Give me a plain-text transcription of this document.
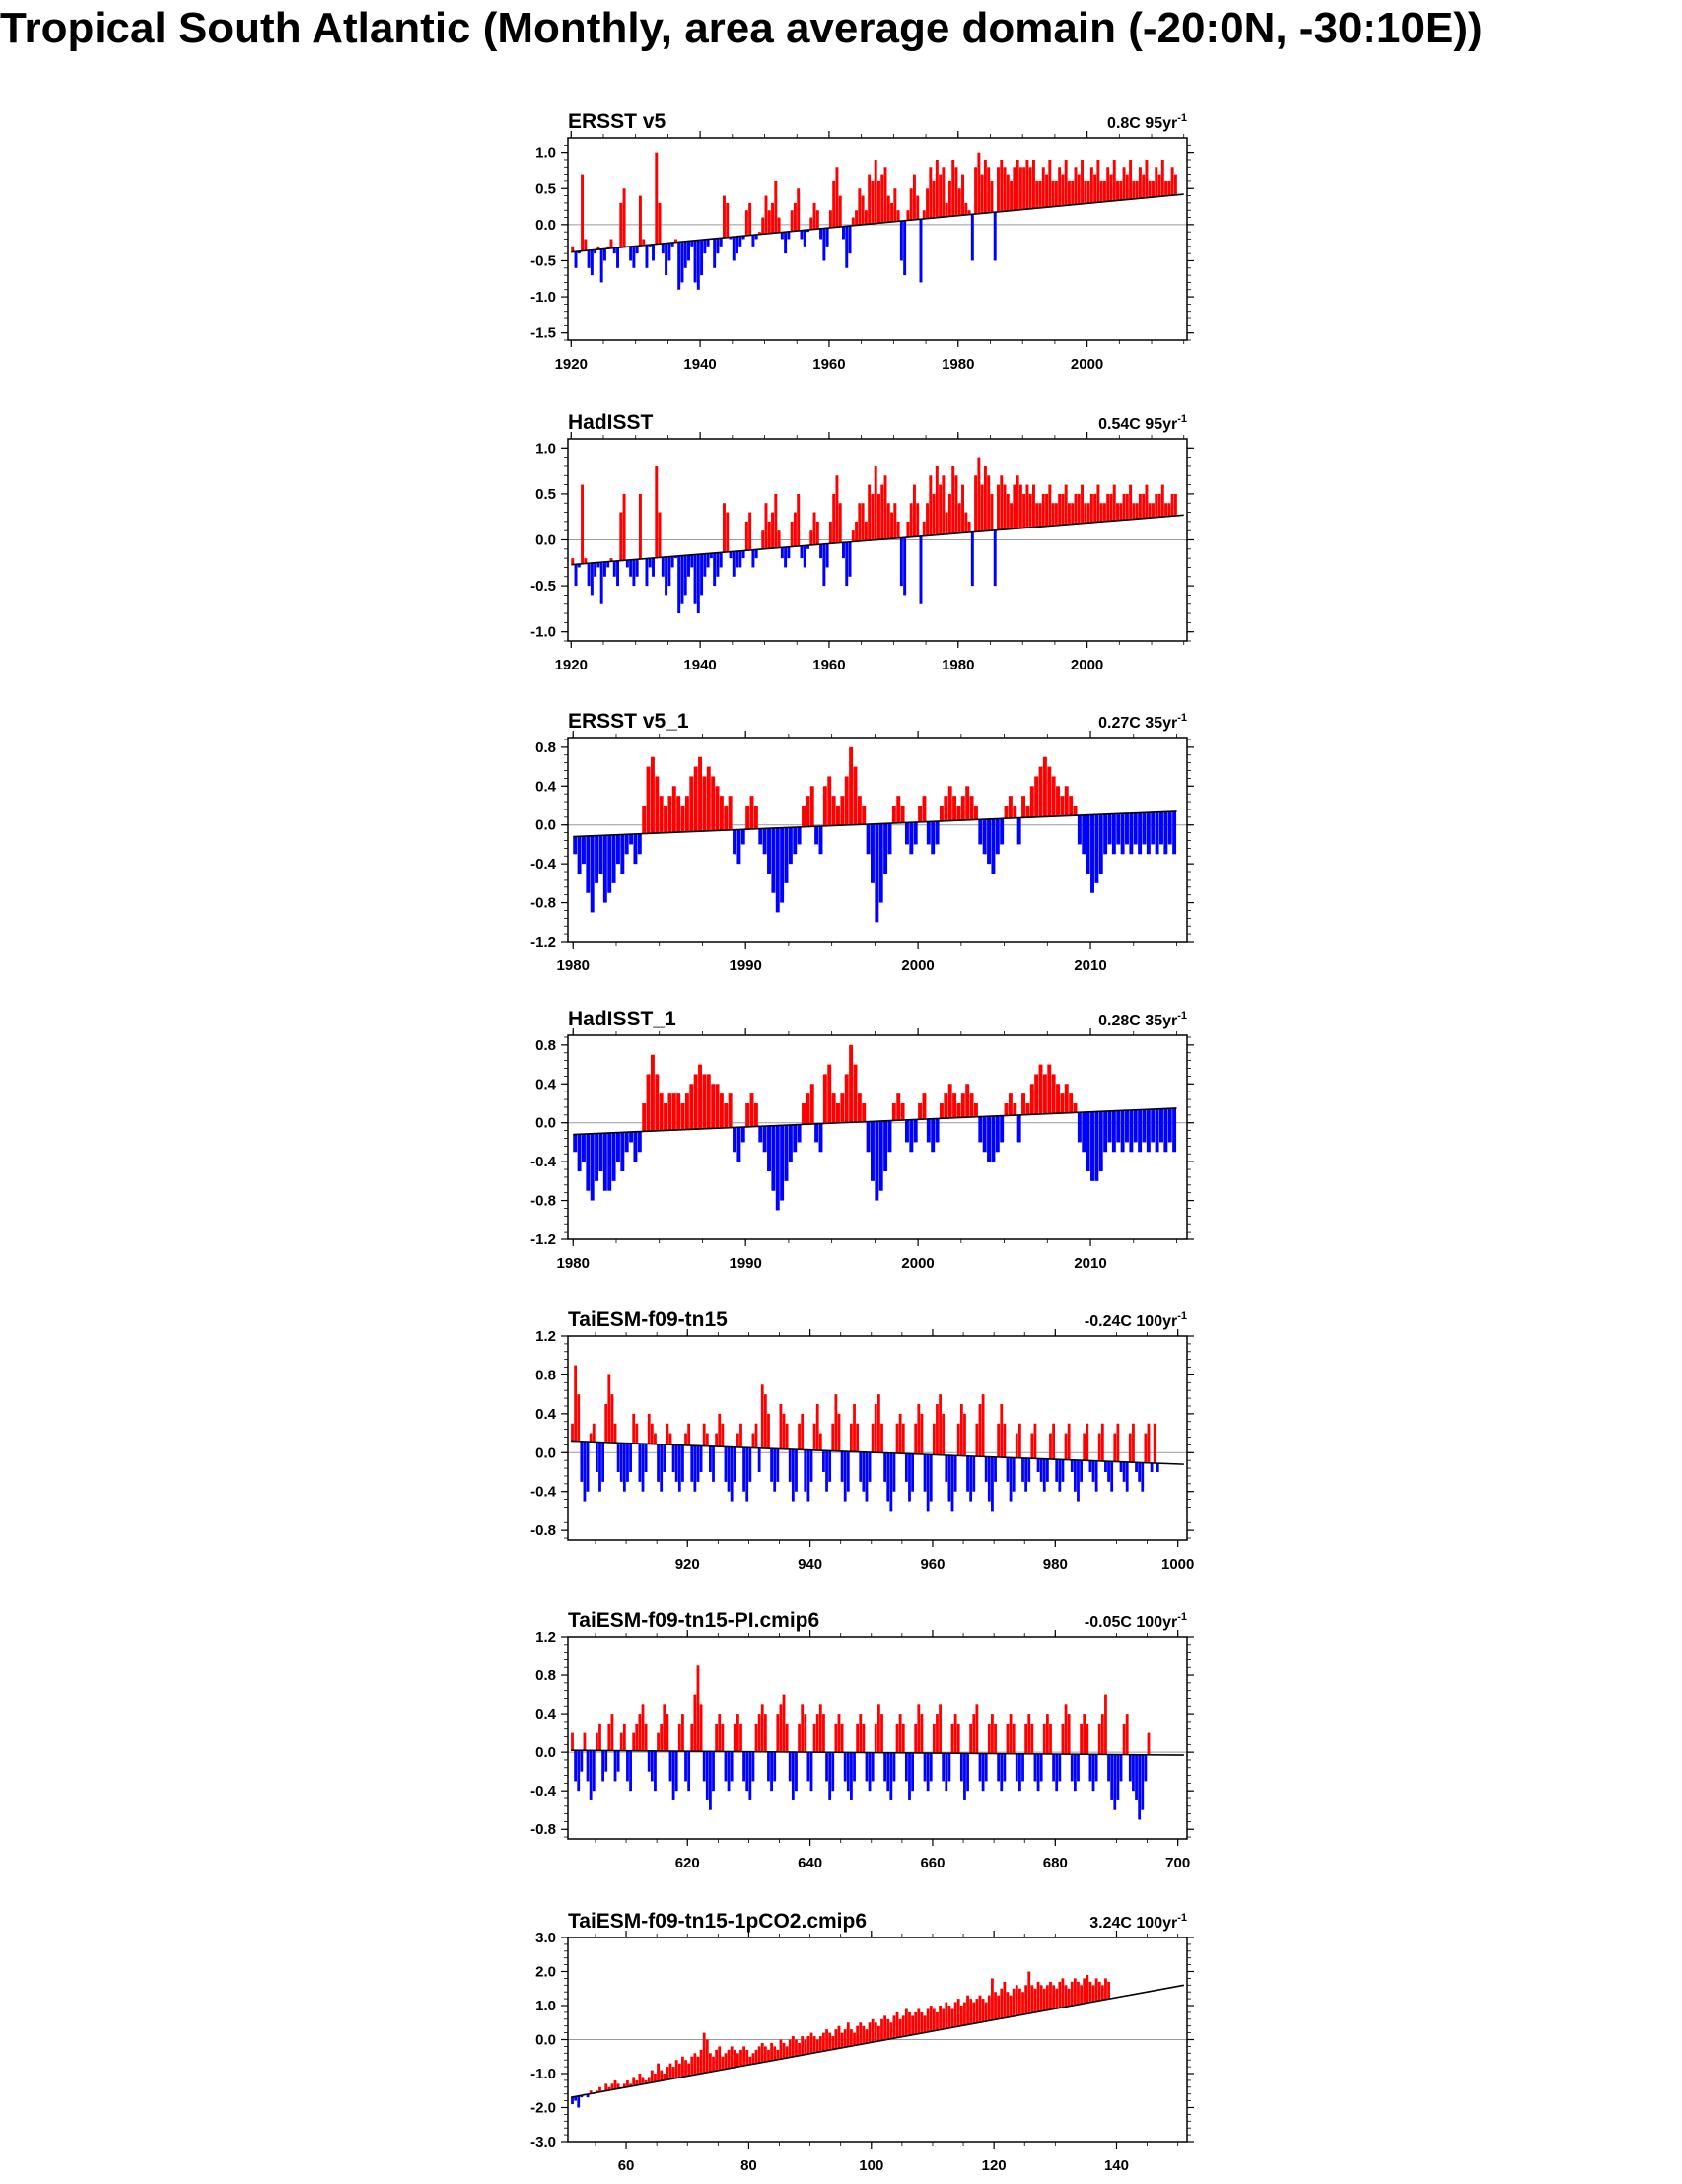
Tropical South Atlantic (Monthly, area average domain (-20:0N, -30:10E))
ERSST v5	0.8C $95yr^{-1}$
-1.5
-1.0
-0.5
0.0
0.5
1.0
1920	1940	1960	1980	2000
HadISST	0.54C $95yr^{-1}$
-1.0
-0.5
0.0
0.5
1.0
1920	1940	1960	1980	2000
ERSST v5_1	0.27C $35yr^{-1}$
-1.2
-0.8
-0.4
0.0
0.4
0.8
1980	1990	2000	2010
HadISST_1	0.28C $35yr^{-1}$
-1.2
-0.8
-0.4
0.0
0.4
0.8
1980	1990	2000	2010
TaiESM-f09-tn15	-0.24C $100yr^{-1}$
-0.8
-0.4
0.0
0.4
0.8
1.2
920	940	960	980	1000
TaiESM-f09-tn15-PI.cmip6	-0.05C $100yr^{-1}$
-0.8
-0.4
0.0
0.4
0.8
1.2
620	640	660	680	700
TaiESM-f09-tn15-1pCO2.cmip6	3.24C $100yr^{-1}$
-3.0
-2.0
-1.0
0.0
1.0
2.0
3.0
60	80	100	120	140
